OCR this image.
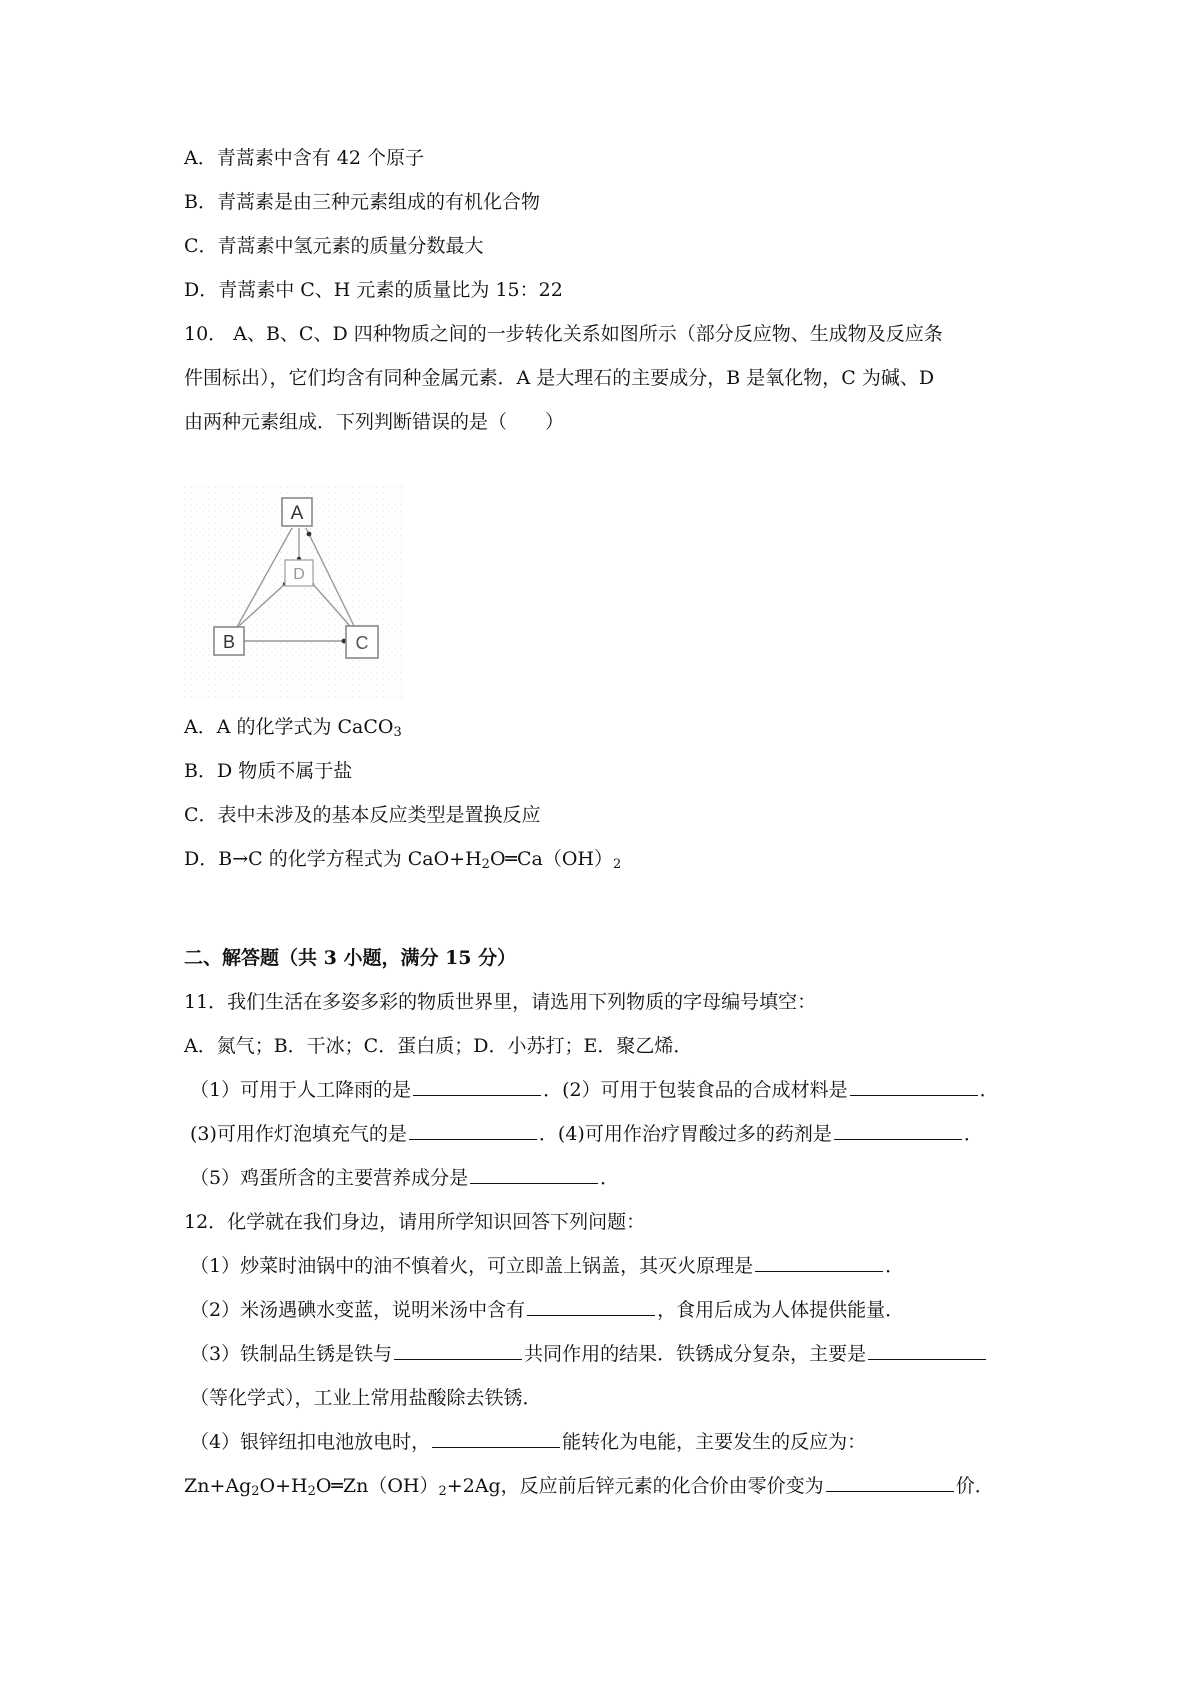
A．青蒿素中含有 42 个原子
B．青蒿素是由三种元素组成的有机化合物
C．青蒿素中氢元素的质量分数最大
D．青蒿素中 C、H 元素的质量比为 15：22
10． A、B、C、D 四种物质之间的一步转化关系如图所示（部分反应物、生成物及反应条
件围标出），它们均含有同种金属元素．A 是大理石的主要成分，B 是氧化物，C 为碱、D
由两种元素组成．下列判断错误的是（　　）
A
D
B	C
A．A 的化学式为 CaCO$_3$
B．D 物质不属于盐
C．表中未涉及的基本反应类型是置换反应
D．B→C 的化学方程式为 $CaO+H_2O═Ca(OH)_2$
二、解答题（共 3 小题，满分 15 分）
11．我们生活在多姿多彩的物质世界里，请选用下列物质的字母编号填空：
A．氮气；B．干冰；C．蛋白质；D．小苏打；E．聚乙烯．
（1）可用于人工降雨的是	．(2）可用于包装食品的合成材料是	．
(3)可用作灯泡填充气的是	．(4)可用作治疗胃酸过多的药剂是	．
（5）鸡蛋所含的主要营养成分是	．
12．化学就在我们身边，请用所学知识回答下列问题：
（1）炒菜时油锅中的油不慎着火，可立即盖上锅盖，其灭火原理是	．
（2）米汤遇碘水变蓝，说明米汤中含有	，食用后成为人体提供能量．
（3）铁制品生锈是铁与	共同作用的结果．铁锈成分复杂，主要是
（等化学式），工业上常用盐酸除去铁锈．
（4）银锌纽扣电池放电时，	能转化为电能，主要发生的反应为：
$Zn+Ag_2O+H_2O═Zn(OH)_2+2Ag$，反应前后锌元素的化合价由零价变为	价．
